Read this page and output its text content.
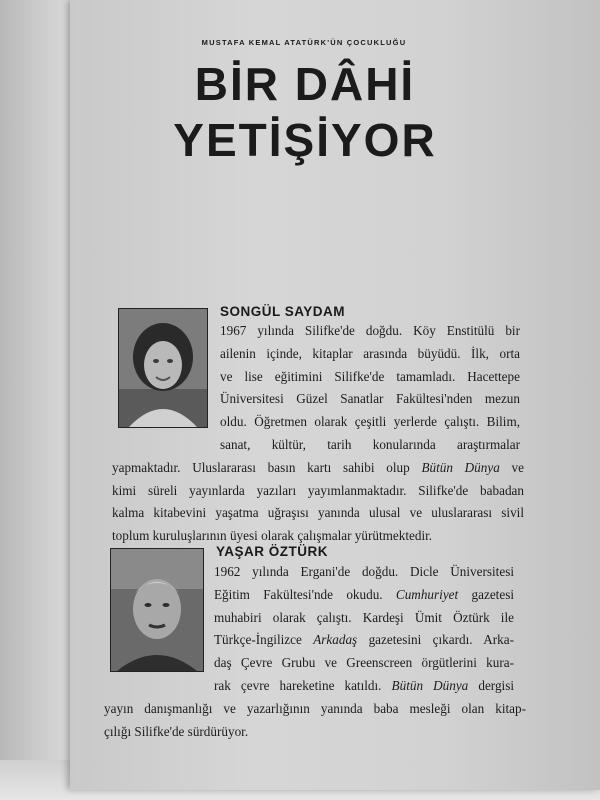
MUSTAFA KEMAL ATATÜRK'ÜN ÇOCUKLUĞU
BİR DÂHİ
YETİŞİYOR
SONGÜL SAYDAM
1967 yılında Silifke'de doğdu. Köy Enstitülü bir
ailenin içinde, kitaplar arasında büyüdü. İlk, orta
ve lise eğitimini Silifke'de tamamladı. Hacettepe
Üniversitesi Güzel Sanatlar Fakültesi'nden mezun
oldu. Öğretmen olarak çeşitli yerlerde çalıştı. Bilim,
sanat, kültür, tarih konularında araştırmalar
yapmaktadır. Uluslararası basın kartı sahibi olup Bütün Dünya ve
kimi süreli yayınlarda yazıları yayımlanmaktadır. Silifke'de babadan
kalma kitabevini yaşatma uğraşısı yanında ulusal ve uluslararası sivil
toplum kuruluşlarının üyesi olarak çalışmalar yürütmektedir.
YAŞAR ÖZTÜRK
1962 yılında Ergani'de doğdu. Dicle Üniversitesi
Eğitim Fakültesi'nde okudu. Cumhuriyet gazetesi
muhabiri olarak çalıştı. Kardeşi Ümit Öztürk ile
Türkçe-İngilizce Arkadaş gazetesini çıkardı. Arka-
daş Çevre Grubu ve Greenscreen örgütlerini kura-
rak çevre hareketine katıldı. Bütün Dünya dergisi
yayın danışmanlığı ve yazarlığının yanında baba mesleği olan kitap-
çılığı Silifke'de sürdürüyor.
